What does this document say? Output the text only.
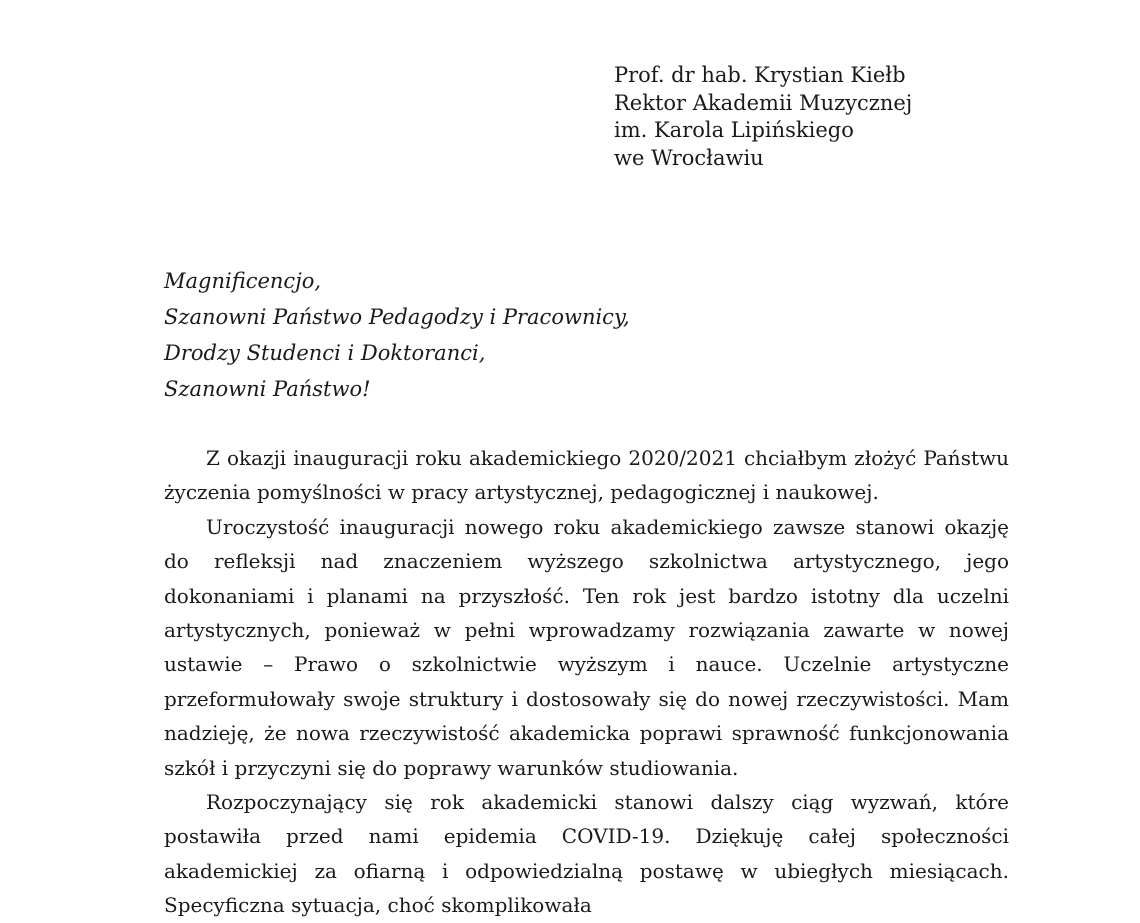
Prof. dr hab. Krystian Kiełb
Rektor Akademii Muzycznej
im. Karola Lipińskiego
we Wrocławiu
Magnificencjo,
Szanowni Państwo Pedagodzy i Pracownicy,
Drodzy Studenci i Doktoranci,
Szanowni Państwo!

Z okazji inauguracji roku akademickiego 2020/2021 chciałbym złożyć Państwu życzenia pomyślności w pracy artystycznej, pedagogicznej i naukowej.

Uroczystość inauguracji nowego roku akademickiego zawsze stanowi okazję do refleksji nad znaczeniem wyższego szkolnictwa artystycznego, jego dokonaniami i planami na przyszłość. Ten rok jest bardzo istotny dla uczelni artystycznych, ponieważ w pełni wprowadzamy rozwiązania zawarte w nowej ustawie – Prawo o szkolnictwie wyższym i nauce. Uczelnie artystyczne przeformułowały swoje struktury i dostosowały się do nowej rzeczywistości. Mam nadzieję, że nowa rzeczywistość akademicka poprawi sprawność funkcjonowania szkół i przyczyni się do poprawy warunków studiowania.

Rozpoczynający się rok akademicki stanowi dalszy ciąg wyzwań, które postawiła przed nami epidemia COVID-19. Dziękuję całej społeczności akademickiej za ofiarną i odpowiedzialną postawę w ubiegłych miesiącach. Specyficzna sytuacja, choć skomplikowała
